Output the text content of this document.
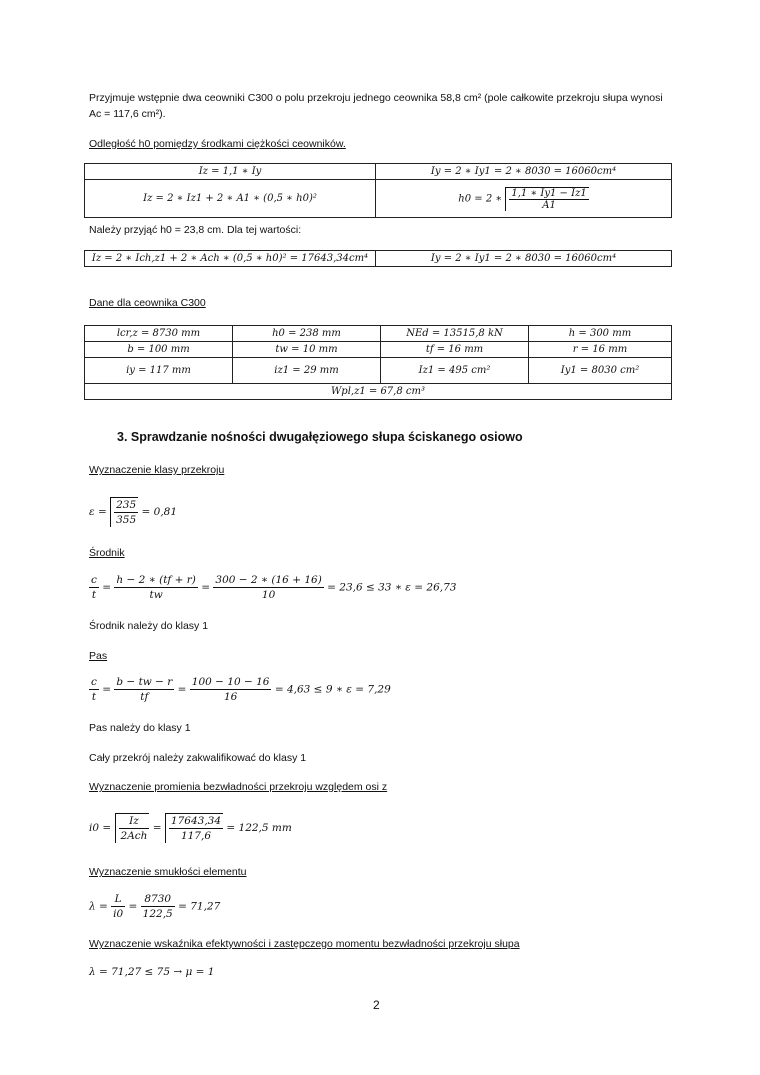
Przyjmuje wstępnie dwa ceowniki C300 o polu przekroju jednego ceownika 58,8 cm² (pole całkowite przekroju słupa wynosi
Ac = 117,6 cm²).
Odległość h0 pomiędzy środkami ciężkości ceowników.
Iz = 1,1 ∗ Iy	Iy = 2 ∗ Iy1 = 2 ∗ 8030 = 16060cm⁴
Iz = 2 ∗ Iz1 + 2 ∗ A1 ∗ (0,5 ∗ h0)²	h0 = 2 ∗ $\frac{1,1 ∗ Iy1 - Iz1}{A1}$
Należy przyjąć h0 = 23,8 cm. Dla tej wartości:
Iz = 2 ∗ Ich,z1 + 2 ∗ Ach ∗ (0,5 ∗ h0)² = 17643,34cm⁴	Iy = 2 ∗ Iy1 = 2 ∗ 8030 = 16060cm⁴
Dane dla ceownika C300
lcr,z = 8730 mm	h0 = 238 mm	NEd = 13515,8 kN	h = 300 mm
b = 100 mm	tw = 10 mm	tf = 16 mm	r = 16 mm
iy = 117 mm	iz1 = 29 mm	Iz1 = 495 cm²	Iy1 = 8030 cm²
Wpl,z1 = 67,8 cm³			
3. Sprawdzanie nośności dwugałęziowego słupa ściskanego osiowo
Wyznaczenie klasy przekroju
$\varepsilon = \frac{235}{355} = 0,81$
Środnik
$\frac{c}{t} = \frac{h - 2 ∗ (tf + r)}{tw} = \frac{300 - 2 ∗ (16 + 16)}{10} = 23,6 \le 33$ ∗ ε = 26,73
Środnik należy do klasy 1
Pas
$\frac{c}{t} = \frac{b - tw - r}{tf} = \frac{100 - 10 - 16}{16} = 4,63 \le 9$ ∗ ε = 7,29
Pas należy do klasy 1
Cały przekrój należy zakwalifikować do klasy 1
Wyznaczenie promienia bezwładności przekroju względem osi z
$i0 = \frac{Iz}{\text{2Ach}} = \frac{17643,34}{117,6} = 122,5$ mm
Wyznaczenie smukłości elementu
$\lambda = \frac{L}{i0} = \frac{8730}{122,5} = 71,27$
Wyznaczenie wskaźnika efektywności i zastępczego momentu bezwładności przekroju słupa
λ = 71,27 ≤ 75 → μ = 1
2
